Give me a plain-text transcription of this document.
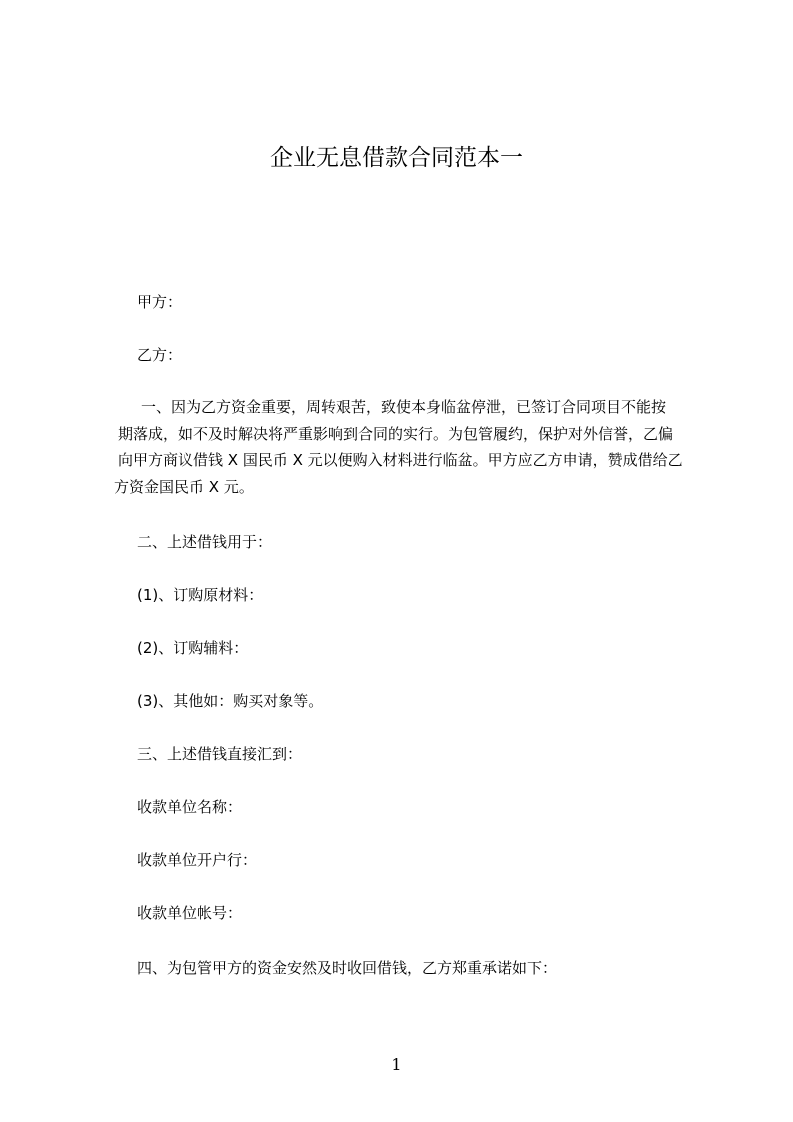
企业无息借款合同范本一
甲方：
乙方：
一、因为乙方资金重要，周转艰苦，致使本身临盆停泄，已签订合同项目不能按
期落成，如不及时解决将严重影响到合同的实行。为包管履约，保护对外信誉，乙偏
向甲方商议借钱 X 国民币 X 元以便购入材料进行临盆。甲方应乙方申请，赞成借给乙
方资金国民币 X 元。
二、上述借钱用于：
(1)、订购原材料：
(2)、订购辅料：
(3)、其他如：购买对象等。
三、上述借钱直接汇到：
收款单位名称：
收款单位开户行：
收款单位帐号：
四、为包管甲方的资金安然及时收回借钱，乙方郑重承诺如下：
1
